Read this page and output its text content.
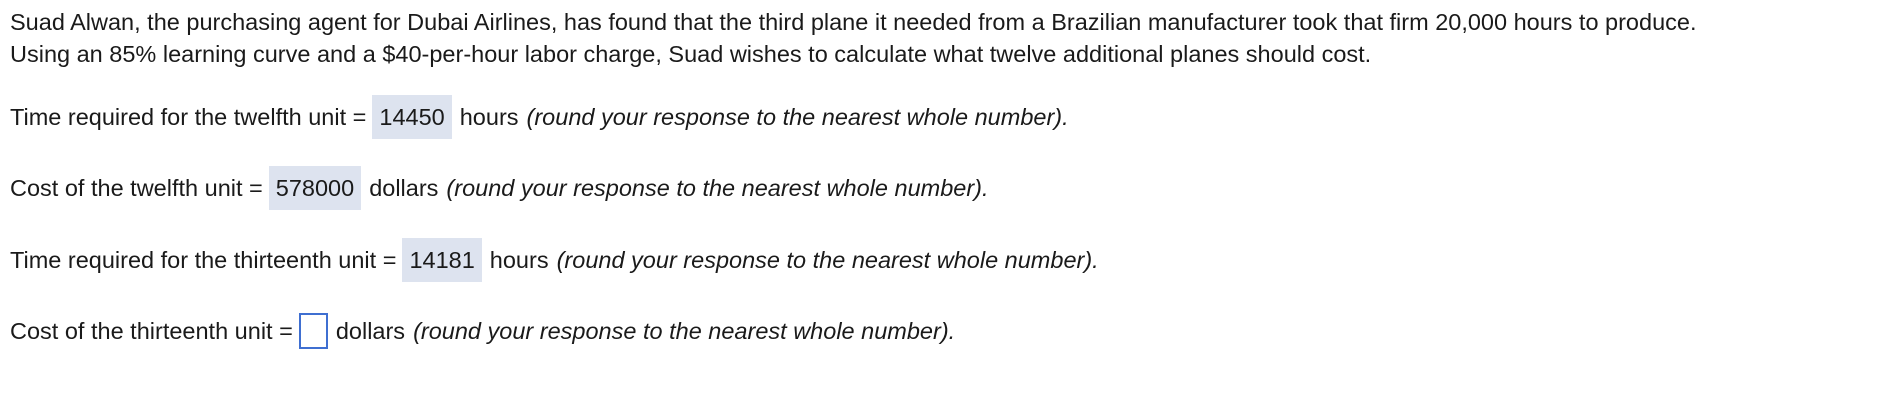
Suad Alwan, the purchasing agent for Dubai Airlines, has found that the third plane it needed from a Brazilian manufacturer took that firm 20,000 hours to produce.

Using an 85% learning curve and a $40-per-hour labor charge, Suad wishes to calculate what twelve additional planes should cost.

Time required for the twelfth unit = 14450 hours (round your response to the nearest whole number).
Cost of the twelfth unit = 578000 dollars (round your response to the nearest whole number).
Time required for the thirteenth unit = 14181 hours (round your response to the nearest whole number).
Cost of the thirteenth unit = dollars (round your response to the nearest whole number).
